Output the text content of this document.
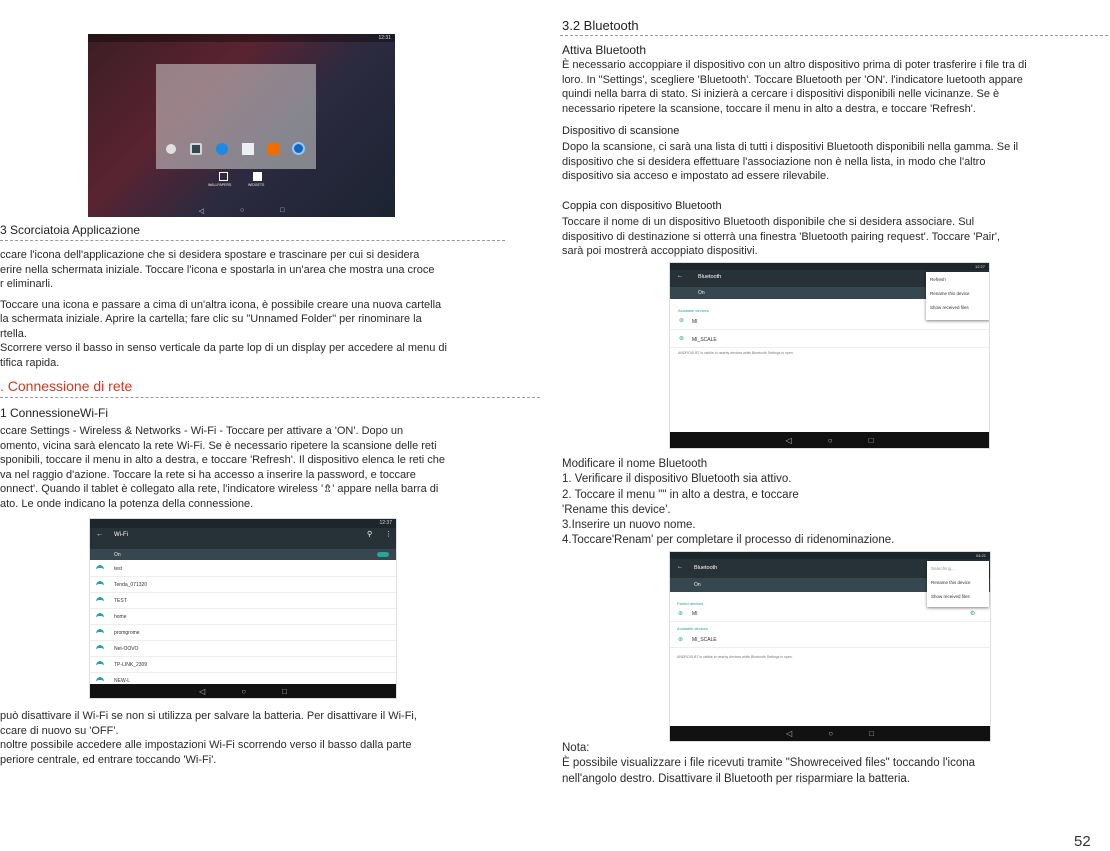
12:31
WALLPAPERS	WIDGETS
◁	○	□
3 Scorciatoia Applicazione
ccare l'icona dell'applicazione che si desidera spostare e trascinare per cui si desidera
erire nella schermata iniziale. Toccare l'icona e spostarla in un'area che mostra una croce
r eliminarli.
Toccare una icona e passare a cima di un'altra icona, è possibile creare una nuova cartella
la schermata iniziale. Aprire la cartella; fare clic su "Unnamed Folder" per rinominare la
rtella.
Scorrere verso il basso in senso verticale da parte lop di un display per accedere al menu di
tifica rapida.
. Connessione di rete
1 ConnessioneWi-Fi
ccare Settings - Wireless & Networks - Wi-Fi - Toccare per attivare a 'ON'. Dopo un
omento, vicina sarà elencato la rete Wi-Fi. Se è necessario ripetere la scansione delle reti
sponibili, toccare il menu in alto a destra, e toccare 'Refresh'. Il dispositivo elenca le reti che
va nel raggio d'azione. Toccare la rete si ha accesso a inserire la password, e toccare
onnect'. Quando il tablet è collegato alla rete, l'indicatore wireless '⇯' appare nella barra di
ato. Le onde indicano la potenza della connessione.
12:37
← Wi-Fi	⚲ ⋮
On
test
Tenda_071320
TEST
home
promgrome
Net-OOVO
TP-LINK_2309
NEW-L
◁	○	□
può disattivare il Wi-Fi se non si utilizza per salvare la batteria. Per disattivare il Wi-Fi,
ccare di nuovo su 'OFF'.
noltre possibile accedere alle impostazioni Wi-Fi scorrendo verso il basso dalla parte
periore centrale, ed entrare toccando 'Wi-Fi'.
3.2 Bluetooth
Attiva Bluetooth
È necessario accoppiare il dispositivo con un altro dispositivo prima di poter trasferire i file tra di
loro. In "Settings', scegliere 'Bluetooth'. Toccare Bluetooth per 'ON'. l'indicatore luetooth appare
quindi nella barra di stato. Si inizierà a cercare i dispositivi disponibili nelle vicinanze. Se è
necessario ripetere la scansione, toccare il menu in alto a destra, e toccare 'Refresh'.
Dispositivo di scansione
Dopo la scansione, ci sarà una lista di tutti i dispositivi Bluetooth disponibili nella gamma. Se il
dispositivo che si desidera effettuare l'associazione non è nella lista, in modo che l'altro
dispositivo sia acceso e impostato ad essere rilevabile.
Coppia con dispositivo Bluetooth
Toccare il nome di un dispositivo Bluetooth disponibile che si desidera associare. Sul
dispositivo di destinazione si otterrà una finestra 'Bluetooth pairing request'. Toccare 'Pair',
sarà poi mostrerà accoppiato dispositivi.
12:27
←	Bluetooth
On
Available devices
⊛ MI
⊛ MI_SCALE
ANDROID BT is visible to nearby devices while Bluetooth Settings is open.
Refresh
Rename this device
Show received files
◁	○	□
Modificare il nome Bluetooth
1. Verificare il dispositivo Bluetooth sia attivo.
2. Toccare il menu "" in alto a destra, e toccare
'Rename this device'.
3.Inserire un nuovo nome.
4.Toccare'Renam' per completare il processo di ridenominazione.
04:21
← Bluetooth
On
Paired devices
⊛ MI	⚙
Available devices
⊛ MI_SCALE
ANDROID BT is visible to nearby devices while Bluetooth Settings is open.
Searching...
Rename this device
Show received files
◁	○	□
Nota:
È possibile visualizzare i file ricevuti tramite "Showreceived files" toccando l'icona
nell'angolo destro. Disattivare il Bluetooth per risparmiare la batteria.
52
